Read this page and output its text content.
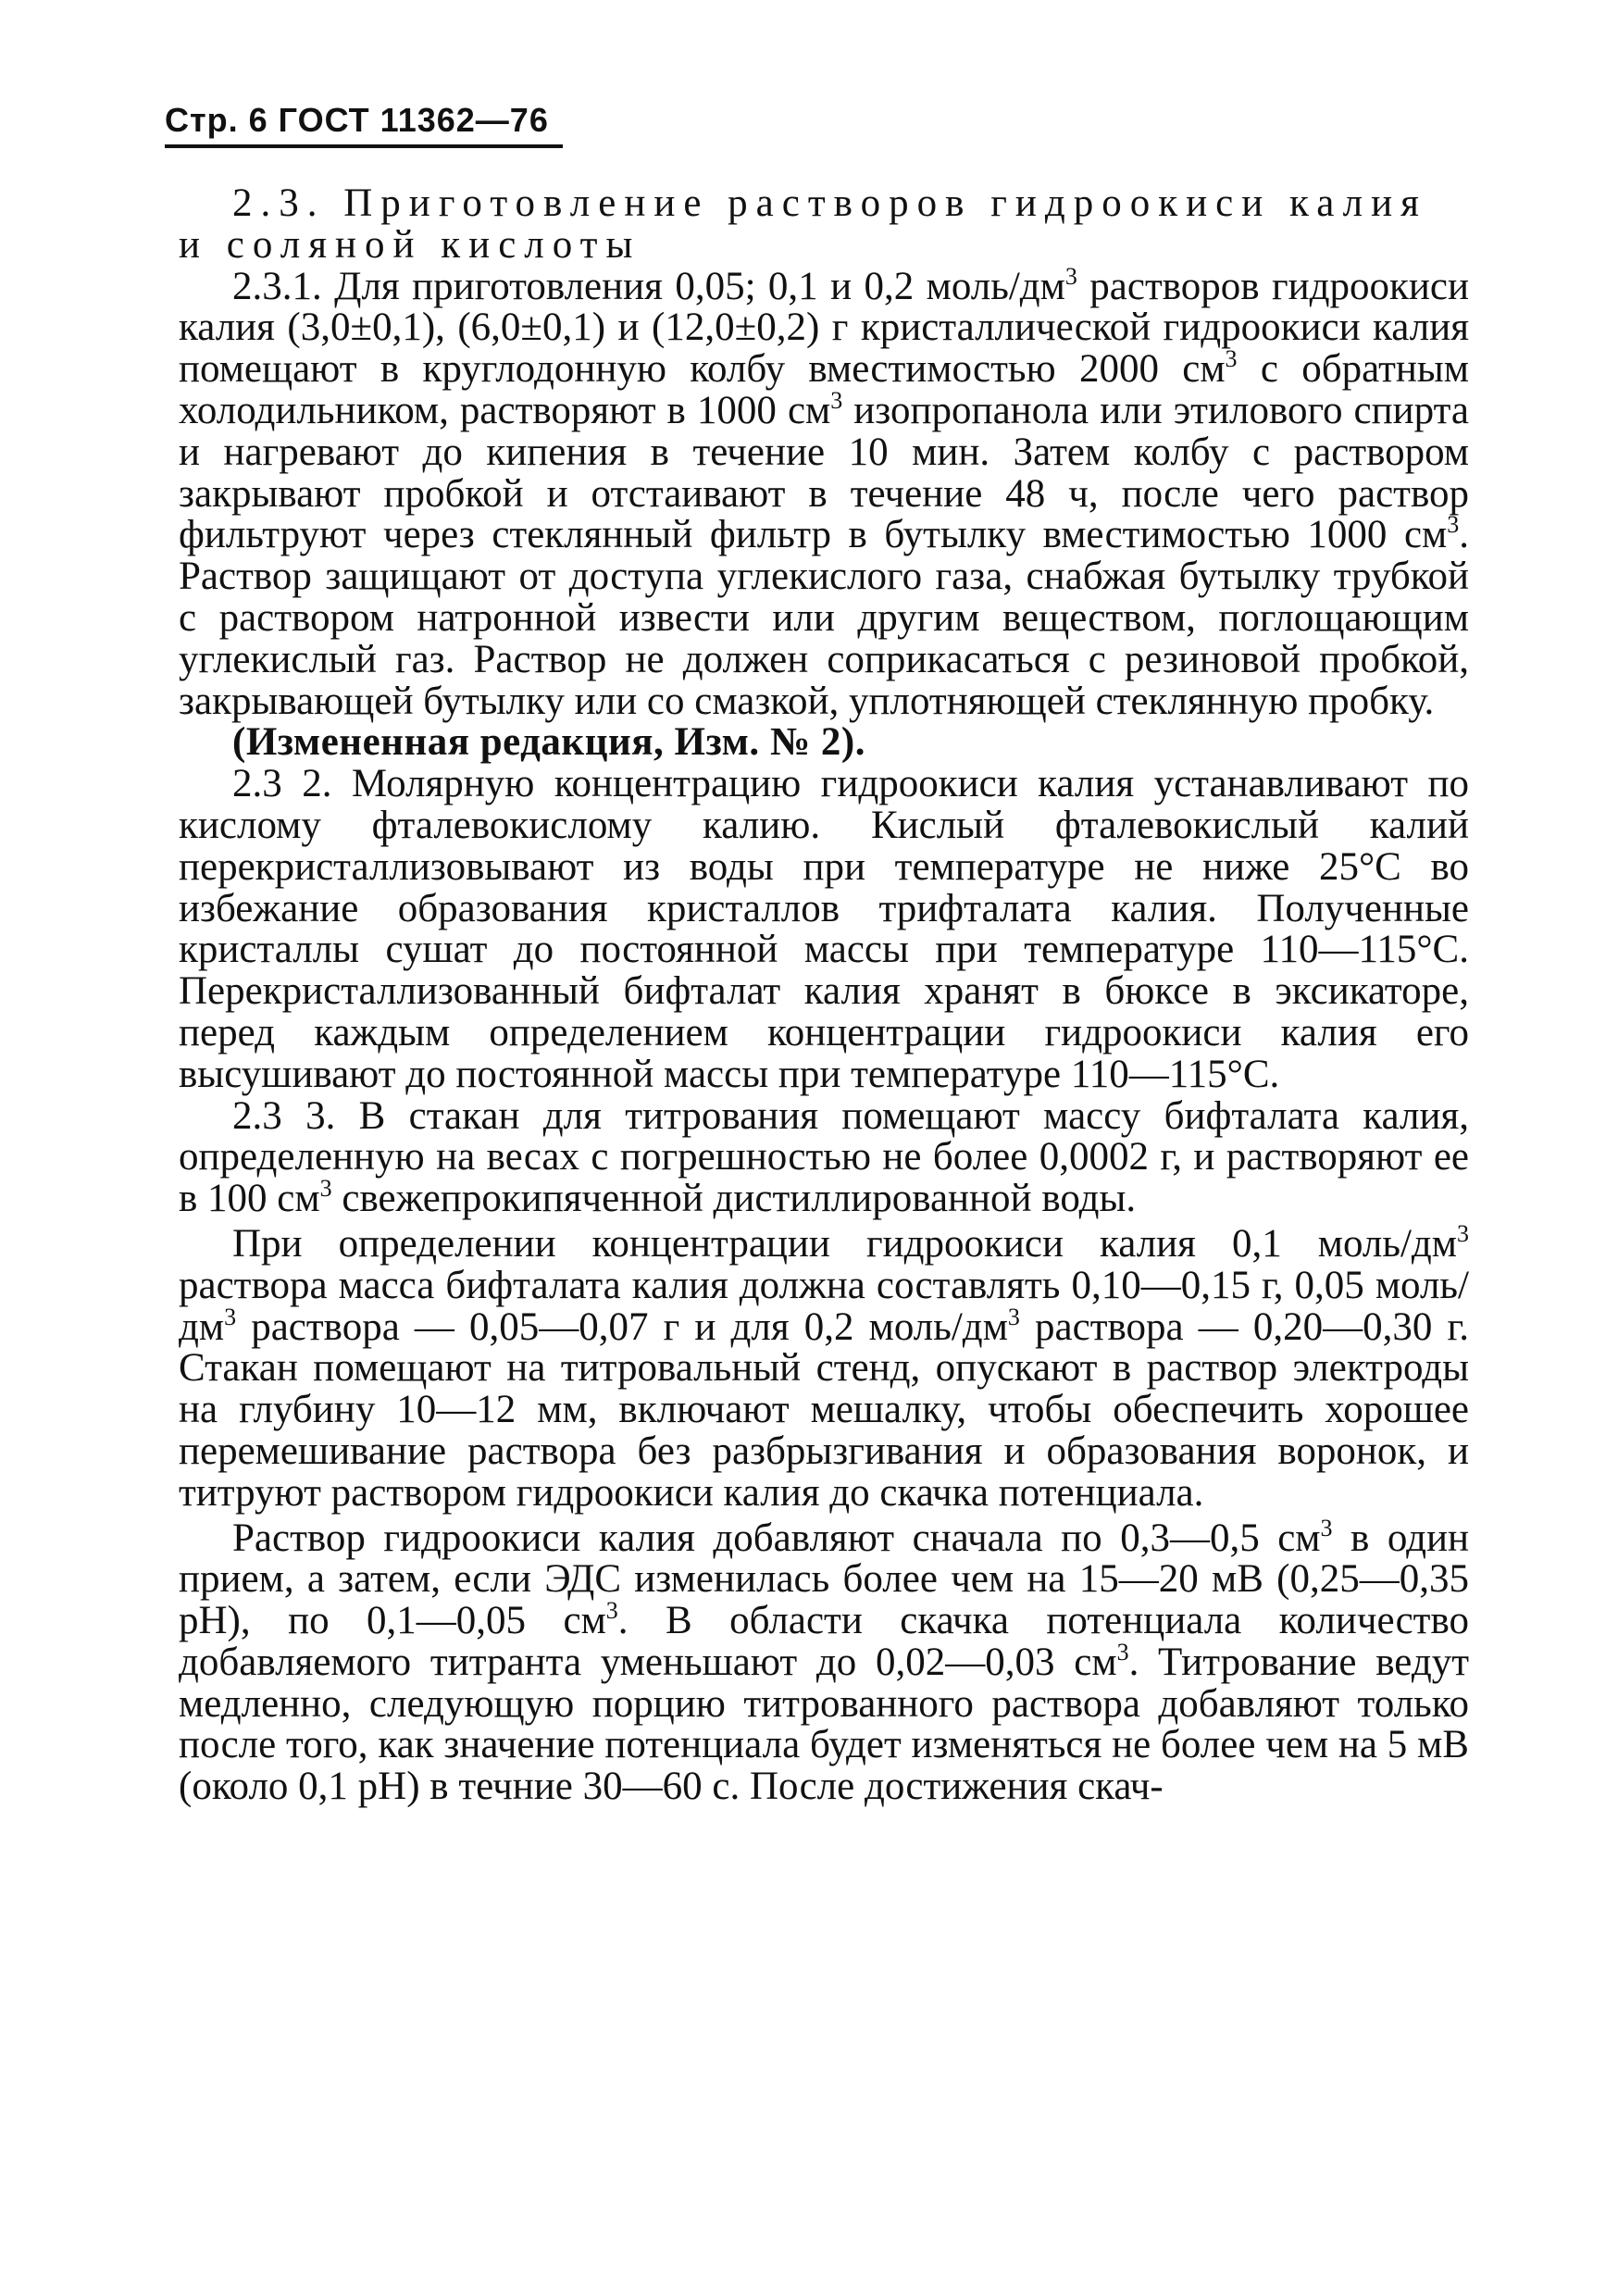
Стр. 6 ГОСТ 11362—76

2.3. Приготовление растворов гидроокиси калия и соляной кислоты

2.3.1. Для приготовления 0,05; 0,1 и 0,2 моль/$дм^3$ растворов гидроокиси калия (3,0±0,1), (6,0±0,1) и (12,0±0,2) г кристаллической гидроокиси калия помещают в круглодонную колбу вместимостью 2000 $см^3$ с обратным холодильником, растворяют в 1000 $см^3$ изопропанола или этилового спирта и нагревают до кипения в течение 10 мин. Затем колбу с раствором закрывают пробкой и отстаивают в течение 48 ч, после чего раствор фильтруют через стеклянный фильтр в бутылку вместимостью 1000 $см^3$. Раствор защищают от доступа углекислого газа, снабжая бутылку трубкой с раствором натронной извести или другим веществом, поглощающим углекислый газ. Раствор не должен соприкасаться с резиновой пробкой, закрывающей бутылку или со смазкой, уплотняющей стеклянную пробку.

(Измененная редакция, Изм. № 2).

2.3 2. Молярную концентрацию гидроокиси калия устанавливают по кислому фталевокислому калию. Кислый фталевокислый калий перекристаллизовывают из воды при температуре не ниже 25°С во избежание образования кристаллов трифталата калия. Полученные кристаллы сушат до постоянной массы при температуре 110—115°С. Перекристаллизованный бифталат калия хранят в бюксе в эксикаторе, перед каждым определением концентрации гидроокиси калия его высушивают до постоянной массы при температуре 110—115°С.

2.3 3. В стакан для титрования помещают массу бифталата калия, определенную на весах с погрешностью не более 0,0002 г, и растворяют ее в 100 $см^3$ свежепрокипяченной дистиллированной воды.

При определении концентрации гидроокиси калия 0,1 моль/$дм^3$ раствора масса бифталата калия должна составлять 0,10—0,15 г, 0,05 моль/$дм^3$ раствора — 0,05—0,07 г и для 0,2 моль/$дм^3$ раствора — 0,20—0,30 г. Стакан помещают на титровальный стенд, опускают в раствор электроды на глубину 10—12 мм, включают мешалку, чтобы обеспечить хорошее перемешивание раствора без разбрызгивания и образования воронок, и титруют раствором гидроокиси калия до скачка потенциала.

Раствор гидроокиси калия добавляют сначала по 0,3—0,5 $см^3$ в один прием, а затем, если ЭДС изменилась более чем на 15—20 мВ (0,25—0,35 рН), по 0,1—0,05 $см^3$. В области скачка потенциала количество добавляемого титранта уменьшают до 0,02—0,03 $см^3$. Титрование ведут медленно, следующую порцию титрованного раствора добавляют только после того, как значение потенциала будет изменяться не более чем на 5 мВ (около 0,1 рН) в течние 30—60 с. После достижения скач-
